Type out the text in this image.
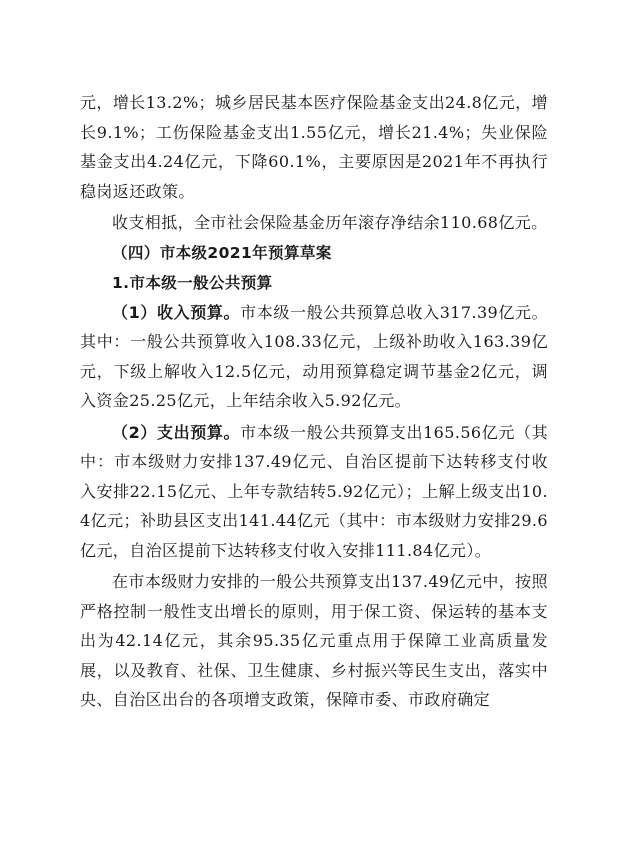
元，增长13.2%；城乡居民基本医疗保险基金支出24.8亿元，增长9.1%；工伤保险基金支出1.55亿元，增长21.4%；失业保险基金支出4.24亿元，下降60.1%，主要原因是2021年不再执行稳岗返还政策。

收支相抵，全市社会保险基金历年滚存净结余110.68亿元。

（四）市本级2021年预算草案

1.市本级一般公共预算

（1）收入预算。市本级一般公共预算总收入317.39亿元。其中：一般公共预算收入108.33亿元，上级补助收入163.39亿元，下级上解收入12.5亿元，动用预算稳定调节基金2亿元，调入资金25.25亿元，上年结余收入5.92亿元。

（2）支出预算。市本级一般公共预算支出165.56亿元（其中：市本级财力安排137.49亿元、自治区提前下达转移支付收入安排22.15亿元、上年专款结转5.92亿元）；上解上级支出10.4亿元；补助县区支出141.44亿元（其中：市本级财力安排29.6亿元，自治区提前下达转移支付收入安排111.84亿元）。

在市本级财力安排的一般公共预算支出137.49亿元中，按照严格控制一般性支出增长的原则，用于保工资、保运转的基本支出为42.14亿元，其余95.35亿元重点用于保障工业高质量发展，以及教育、社保、卫生健康、乡村振兴等民生支出，落实中央、自治区出台的各项增支政策，保障市委、市政府确定
